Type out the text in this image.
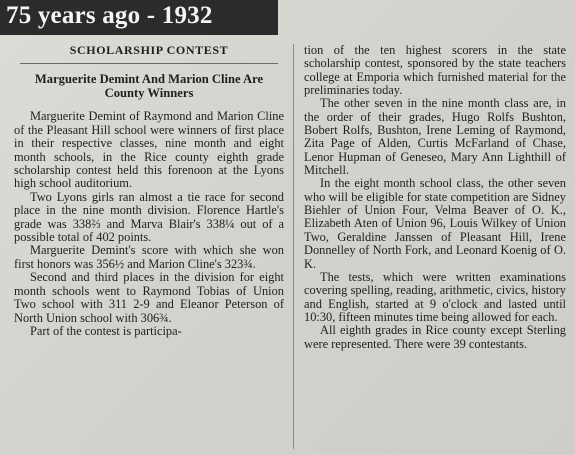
75 years ago - 1932
SCHOLARSHIP CONTEST
Marguerite Demint And Marion Cline Are County Winners

Marguerite Demint of Raymond and Marion Cline of the Pleasant Hill school were winners of first place in their respective classes, nine month and eight month schools, in the Rice county eighth grade scholarship contest held this forenoon at the Lyons high school auditorium.

Two Lyons girls ran almost a tie race for second place in the nine month division. Florence Hartle's grade was 338⅔ and Marva Blair's 338¼ out of a possible total of 402 points.

Marguerite Demint's score with which she won first honors was 356½ and Marion Cline's 323¾.

Second and third places in the division for eight month schools went to Raymond Tobias of Union Two school with 311 2-9 and Eleanor Peterson of North Union school with 306¾.

Part of the contest is participa-

tion of the ten highest scorers in the state scholarship contest, sponsored by the state teachers college at Emporia which furnished material for the preliminaries today.

The other seven in the nine month class are, in the order of their grades, Hugo Rolfs Bushton, Bobert Rolfs, Bushton, Irene Leming of Raymond, Zita Page of Alden, Curtis McFarland of Chase, Lenor Hupman of Geneseo, Mary Ann Lighthill of Mitchell.

In the eight month school class, the other seven who will be eligible for state competition are Sidney Biehler of Union Four, Velma Beaver of O. K., Elizabeth Aten of Union 96, Louis Wilkey of Union Two, Geraldine Janssen of Pleasant Hill, Irene Donnelley of North Fork, and Leonard Koenig of O. K.

The tests, which were written examinations covering spelling, reading, arithmetic, civics, history and English, started at 9 o'clock and lasted until 10:30, fifteen minutes time being allowed for each.

All eighth grades in Rice county except Sterling were represented. There were 39 contestants.
